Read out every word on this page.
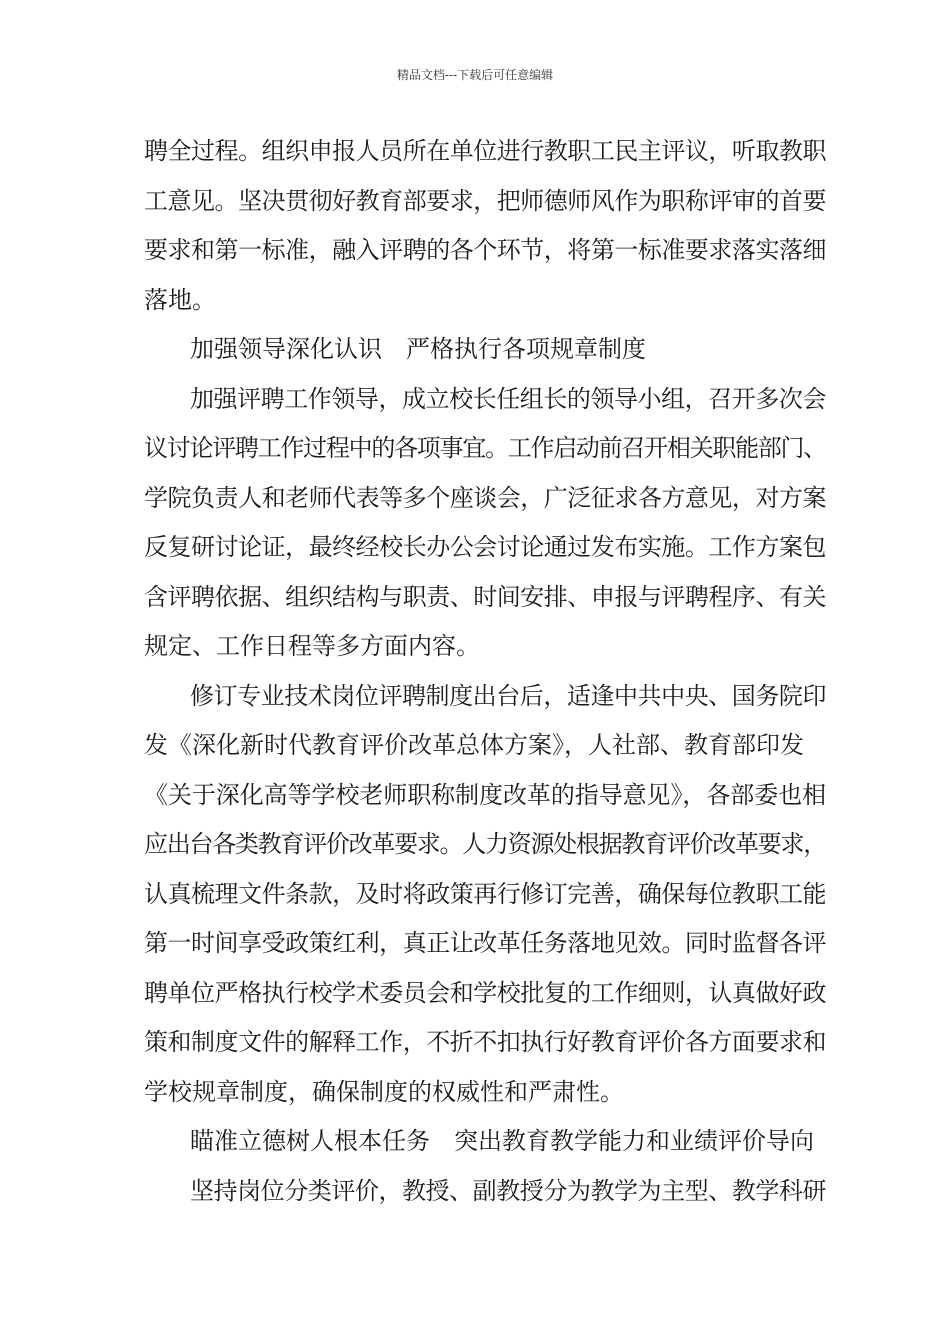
精品文档---下载后可任意编辑
聘全过程。组织申报人员所在单位进行教职工民主评议，听取教职
工意见。坚决贯彻好教育部要求，把师德师风作为职称评审的首要
要求和第一标准，融入评聘的各个环节，将第一标准要求落实落细
落地。
加强领导深化认识　严格执行各项规章制度
加强评聘工作领导，成立校长任组长的领导小组，召开多次会
议讨论评聘工作过程中的各项事宜。工作启动前召开相关职能部门、
学院负责人和老师代表等多个座谈会，广泛征求各方意见，对方案
反复研讨论证，最终经校长办公会讨论通过发布实施。工作方案包
含评聘依据、组织结构与职责、时间安排、申报与评聘程序、有关
规定、工作日程等多方面内容。
修订专业技术岗位评聘制度出台后，适逢中共中央、国务院印
发《深化新时代教育评价改革总体方案》，人社部、教育部印发
《关于深化高等学校老师职称制度改革的指导意见》，各部委也相
应出台各类教育评价改革要求。人力资源处根据教育评价改革要求，
认真梳理文件条款，及时将政策再行修订完善，确保每位教职工能
第一时间享受政策红利，真正让改革任务落地见效。同时监督各评
聘单位严格执行校学术委员会和学校批复的工作细则，认真做好政
策和制度文件的解释工作，不折不扣执行好教育评价各方面要求和
学校规章制度，确保制度的权威性和严肃性。
瞄准立德树人根本任务　突出教育教学能力和业绩评价导向
坚持岗位分类评价，教授、副教授分为教学为主型、教学科研
